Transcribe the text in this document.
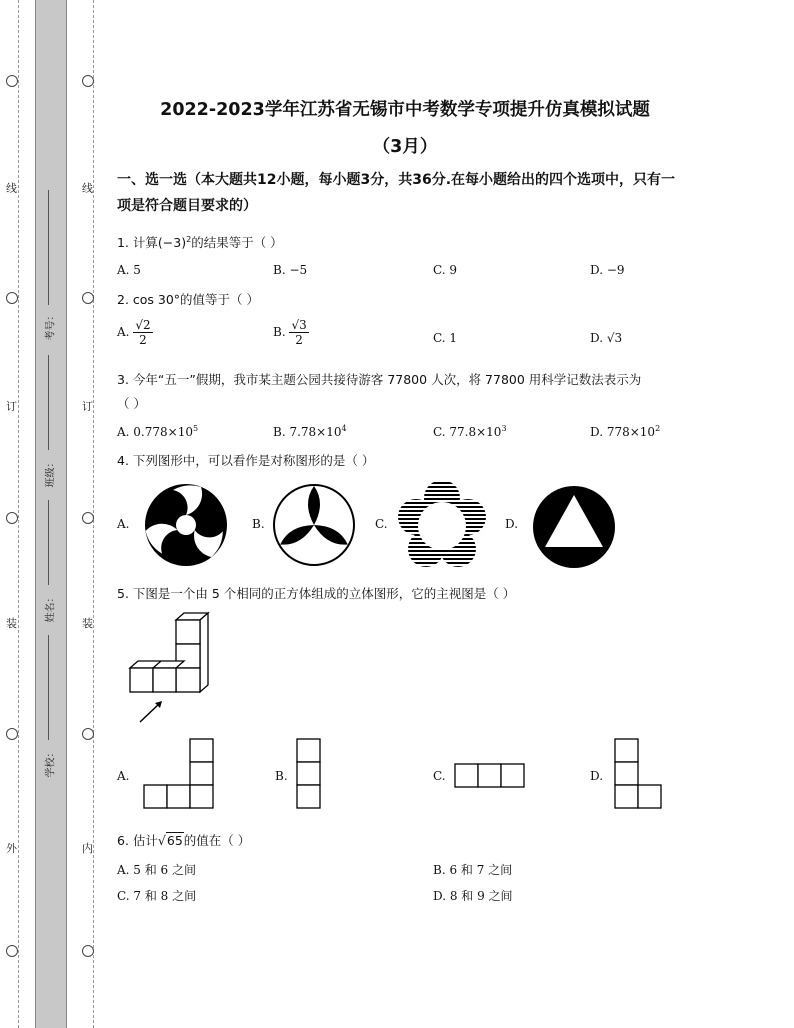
线
订
装
外
线
订
装
内
考号：
班级：
姓名：
学校：
2022-2023学年江苏省无锡市中考数学专项提升仿真模拟试题
（3月）
一、选一选（本大题共12小题，每小题3分，共36分.在每小题给出的四个选项中，只有一项是符合题目要求的）
1. 计算$(-3)^2$的结果等于（ ）
A. 5	B. −5	C. 9	D. −9
2. cos 30°的值等于（ ）
A. $\frac{√2}{2}$	B. $\frac{√3}{2}$	C. 1	D. √3
3. 今年“五一”假期，我市某主题公园共接待游客 77800 人次，将 77800 用科学记数法表示为
（ ）
A. $0.778\times 10^5$	B. $7.78\times 10^4$	C. $77.8\times 10^3$	D. $778\times 10^2$
4. 下列图形中，可以看作是对称图形的是（ ）
A.	B.	C.	D.
5. 下图是一个由 5 个相同的正方体组成的立体图形，它的主视图是（ ）
A.	B.	C.	D.
6. 估计√65的值在（ ）
A. 5 和 6 之间	B. 6 和 7 之间
C. 7 和 8 之间	D. 8 和 9 之间
